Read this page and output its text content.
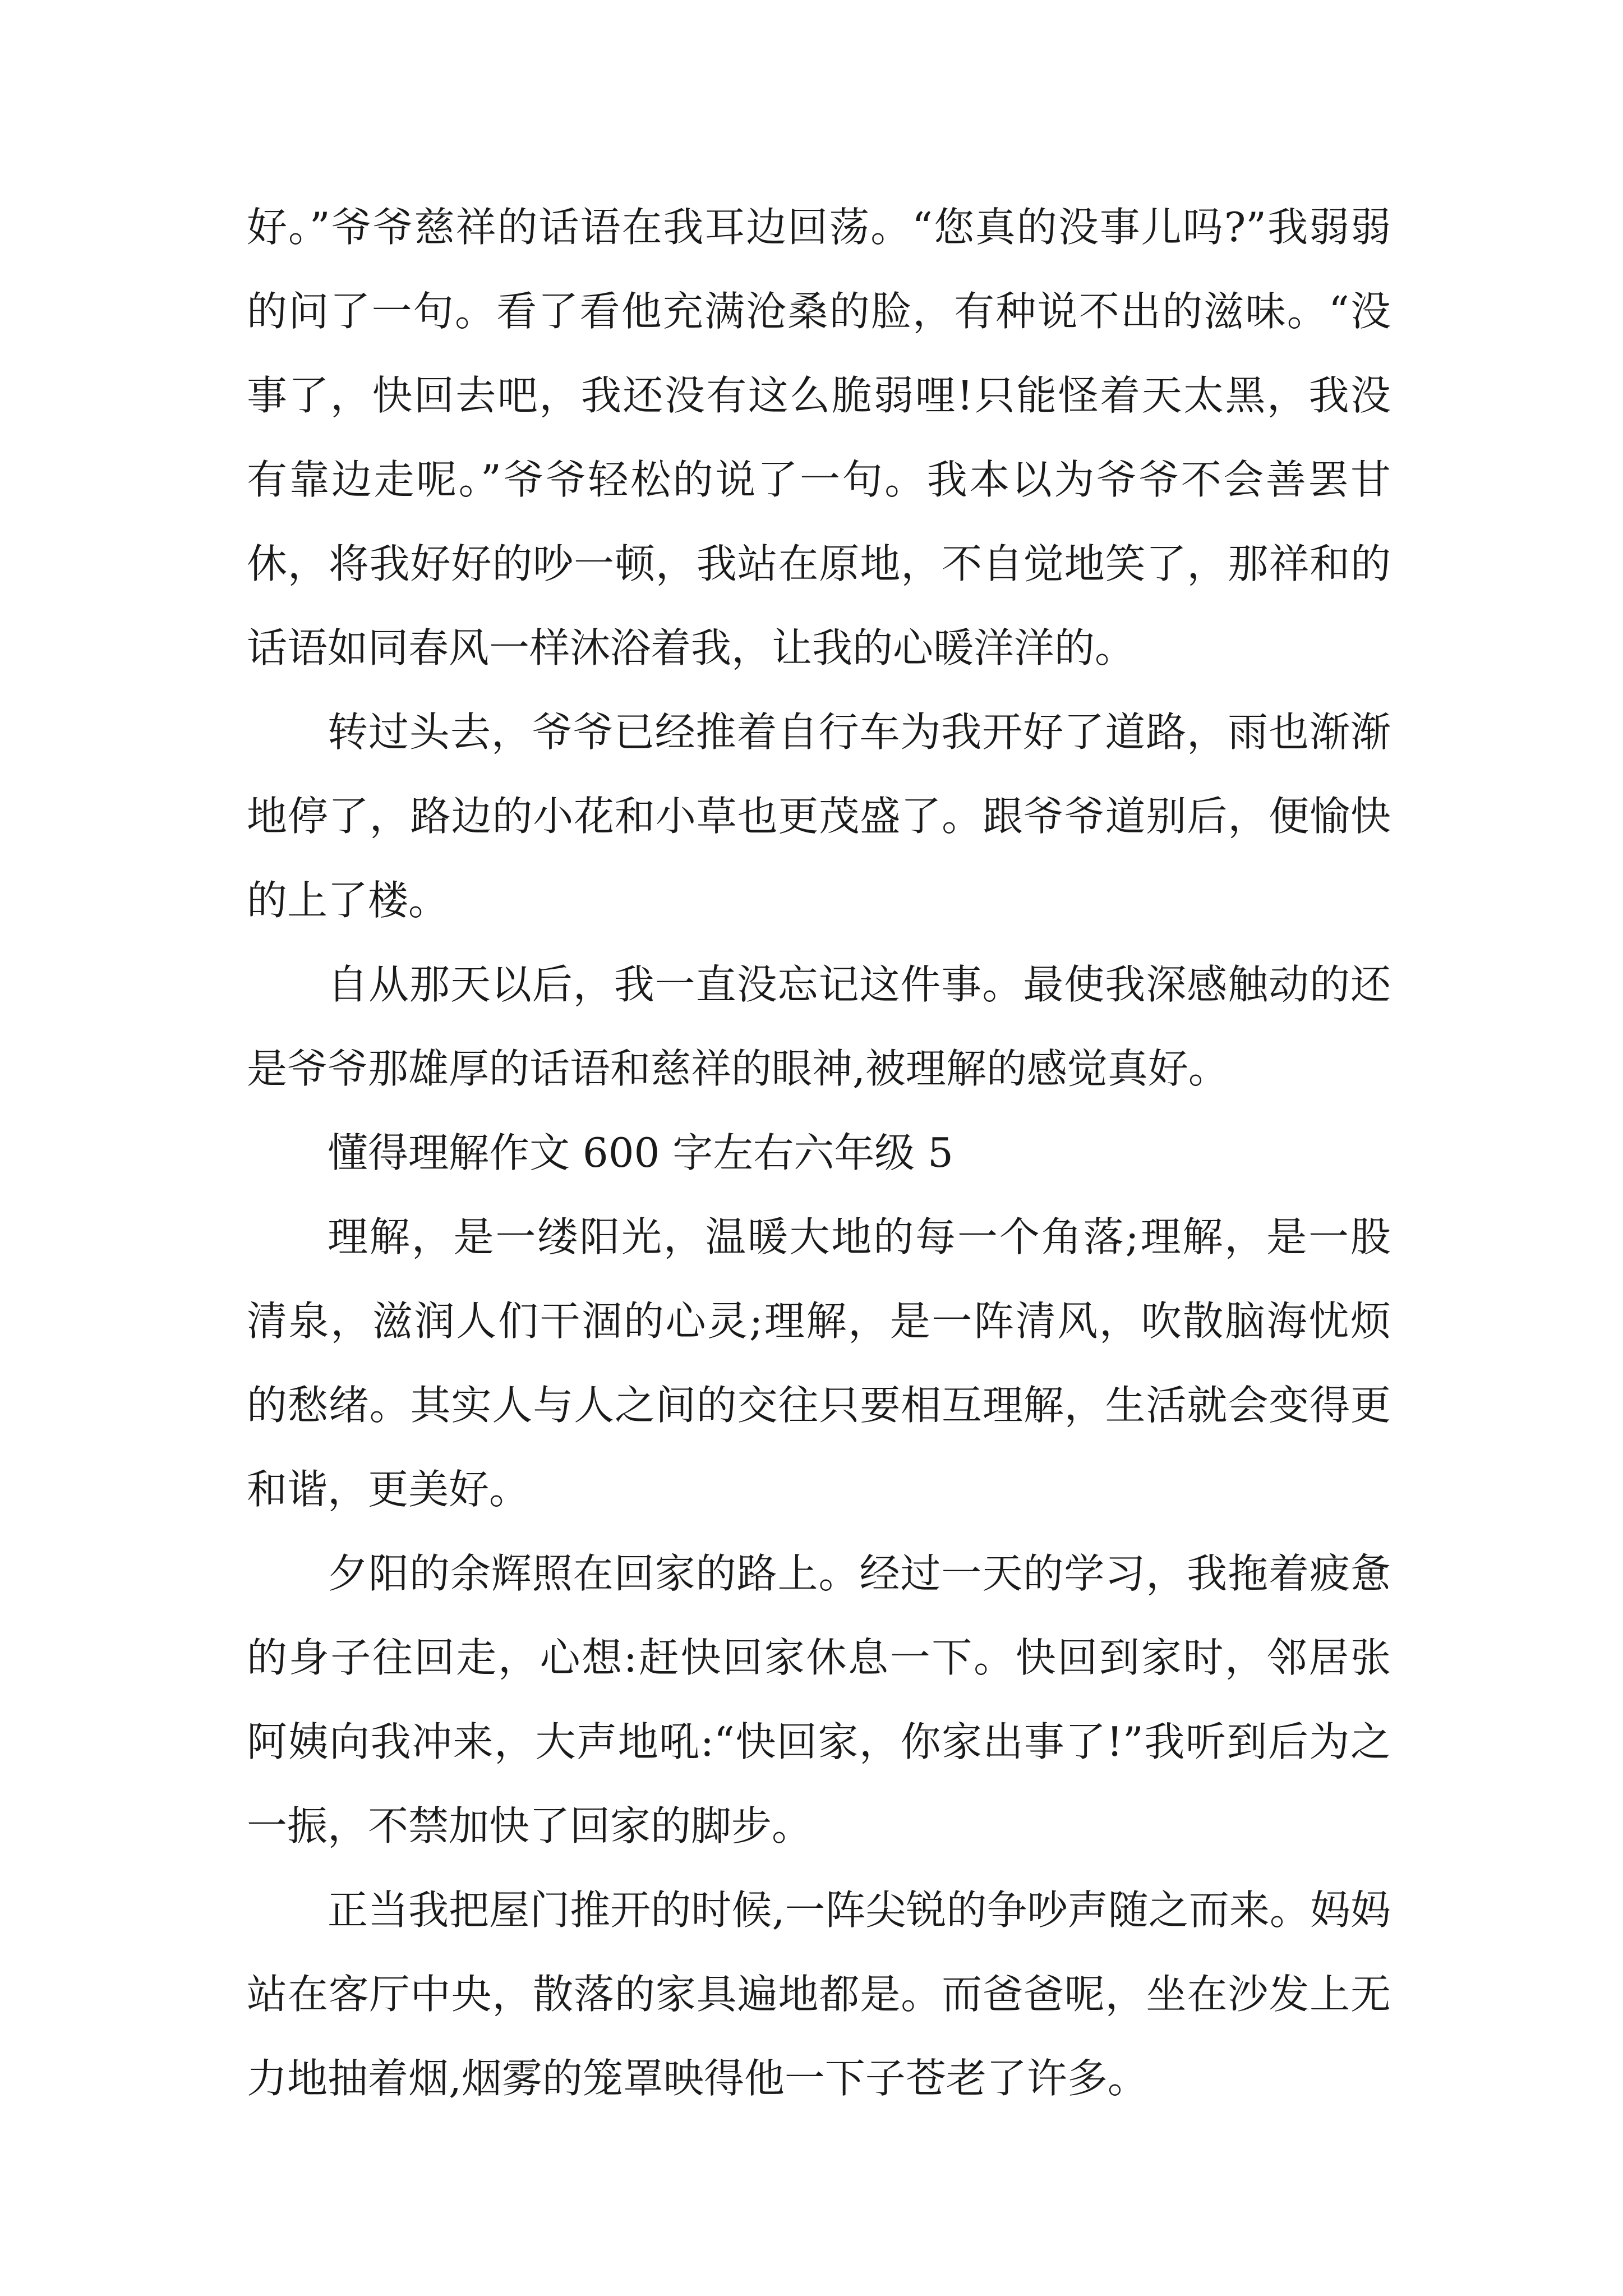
好。”爷爷慈祥的话语在我耳边回荡。“您真的没事儿吗?”我弱弱的问了一句。看了看他充满沧桑的脸，有种说不出的滋味。“没事了，快回去吧，我还没有这么脆弱哩!只能怪着天太黑，我没有靠边走呢。”爷爷轻松的说了一句。我本以为爷爷不会善罢甘休，将我好好的吵一顿，我站在原地，不自觉地笑了，那祥和的话语如同春风一样沐浴着我，让我的心暖洋洋的。

转过头去，爷爷已经推着自行车为我开好了道路，雨也渐渐地停了，路边的小花和小草也更茂盛了。跟爷爷道别后，便愉快的上了楼。

自从那天以后，我一直没忘记这件事。最使我深感触动的还是爷爷那雄厚的话语和慈祥的眼神,被理解的感觉真好。

懂得理解作文 600 字左右六年级 5

理解，是一缕阳光，温暖大地的每一个角落;理解，是一股清泉，滋润人们干涸的心灵;理解，是一阵清风，吹散脑海忧烦的愁绪。其实人与人之间的交往只要相互理解，生活就会变得更和谐，更美好。

夕阳的余辉照在回家的路上。经过一天的学习，我拖着疲惫的身子往回走，心想:赶快回家休息一下。快回到家时，邻居张阿姨向我冲来，大声地吼:“快回家，你家出事了!”我听到后为之一振，不禁加快了回家的脚步。

正当我把屋门推开的时候,一阵尖锐的争吵声随之而来。妈妈站在客厅中央，散落的家具遍地都是。而爸爸呢，坐在沙发上无力地抽着烟,烟雾的笼罩映得他一下子苍老了许多。
